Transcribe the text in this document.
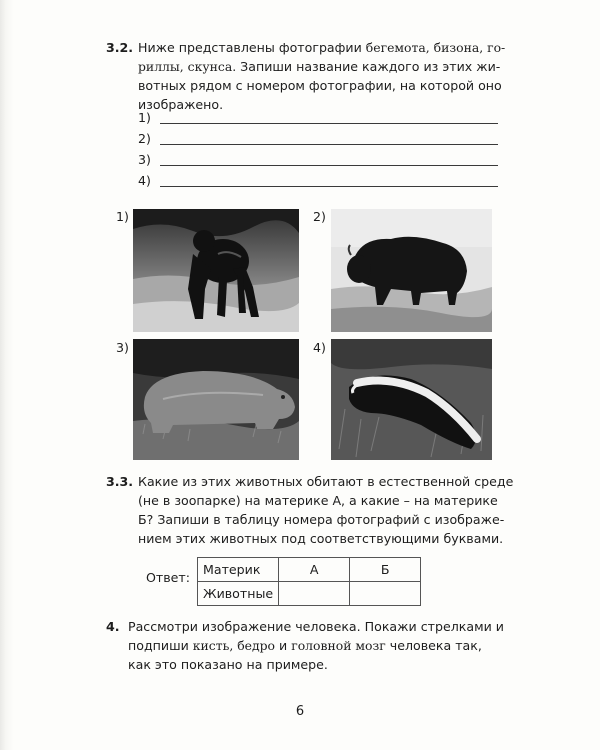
3.2. Ниже представлены фотографии бегемота, бизона, го-
риллы, скунса. Запиши название каждого из этих жи-
вотных рядом с номером фотографии, на которой оно
изображено.
1)
2)
3)
4)
1)	2)
3)	4)
3.3. Какие из этих животных обитают в естественной среде
(не в зоопарке) на материке А, а какие – на материке
Б? Запиши в таблицу номера фотографий с изображе-
нием этих животных под соответствующими буквами.
Ответ:
Материк	А	Б
Животные		
4. Рассмотри изображение человека. Покажи стрелками и
подпиши кисть, бедро и головной мозг человека так,
как это показано на примере.
6
